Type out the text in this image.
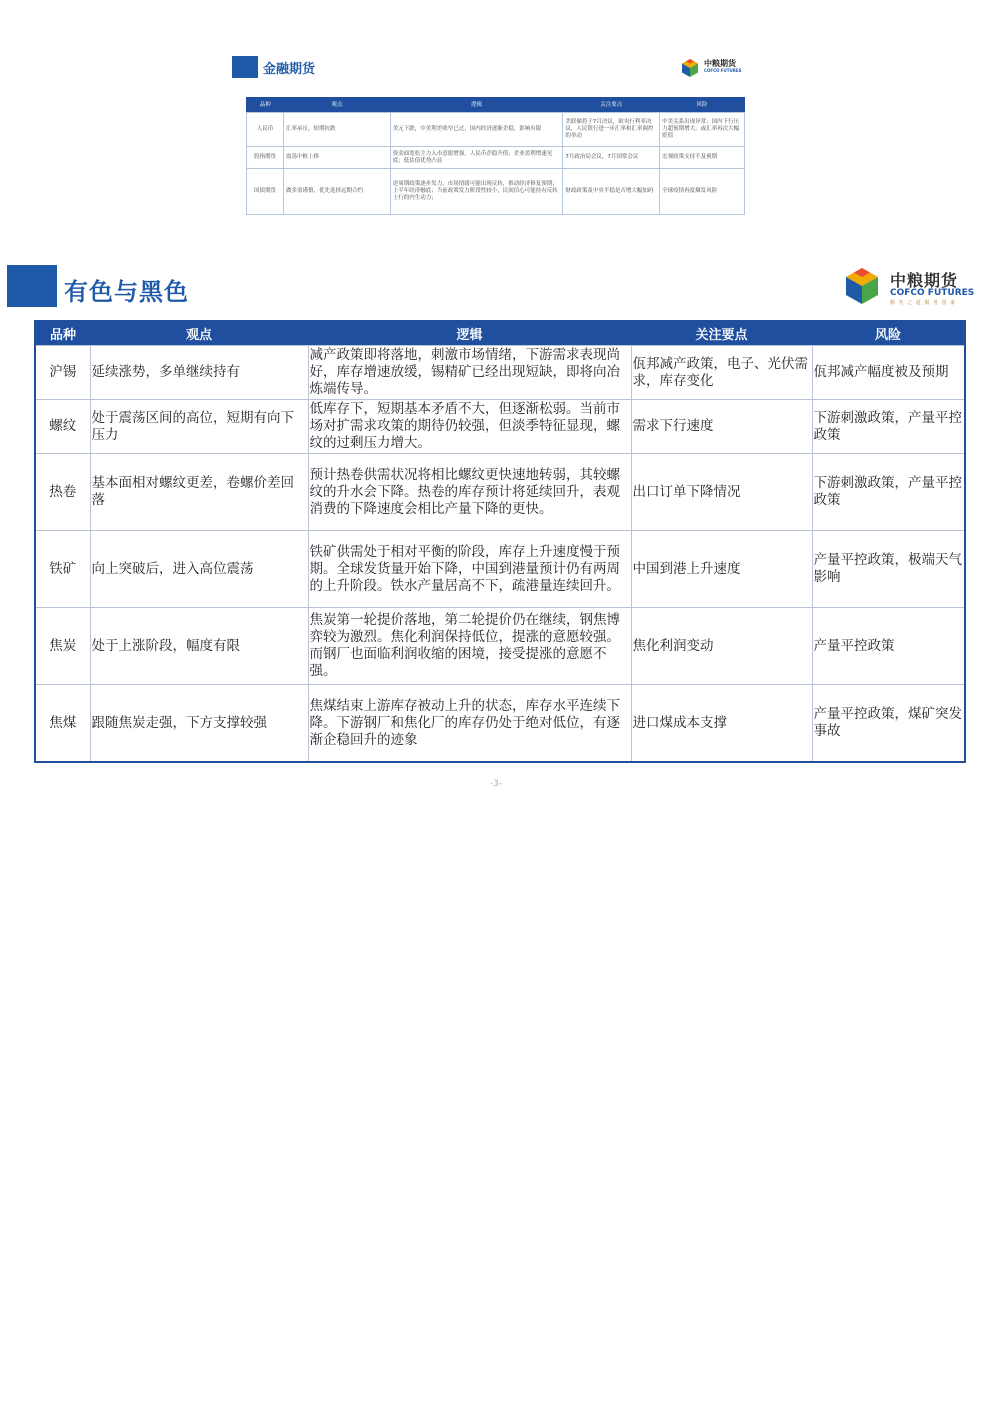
金融期货	中粮期货
COFCO FUTURES
品种	观点	逻辑	关注要点	风险
人民币	汇率承压，短期抗跌	美元下跌，中美利差收窄已过，国内经济逐渐企稳，影响有限	美联储将于7月决议，欧央行利率决议，人民银行进一步汇率和汇率调控的举动	中美关系出现异常；国内下行压力超预期增大，或汇率再次大幅贬值
股指期货	震荡中枢上移	资金面宽松主力入市意愿增强，人民币企稳升值；企业盈利增速见底；低估值优势凸显	7月政治局会议，7月国常会议	宏观政策支持不及预期
国债期货	做多需谨慎，优先选择远期合约	逆周期政策逐步发力，市场情绪可能出现反转，推动经济修复预期；上半年经济触底；当前政策发力阶段性较小，民间信心可能持有反转上行的内生动力；	财政政策及中央平稳是否增大幅加码	全球疫情再度爆发风险
有色与黑色	中粮期货
COFCO FUTURES
粮 名 之 道 服 务 国 家
品种	观点	逻辑	关注要点	风险
沪锡	延续涨势，多单继续持有	减产政策即将落地，刺激市场情绪，下游需求表现尚好，库存增速放缓，锡精矿已经出现短缺，即将向冶炼端传导。	佤邦减产政策，电子、光伏需求，库存变化	佤邦减产幅度被及预期
螺纹	处于震荡区间的高位，短期有向下压力	低库存下，短期基本矛盾不大，但逐渐松弱。当前市场对扩需求攻策的期待仍较强，但淡季特征显现，螺纹的过剩压力增大。	需求下行速度	下游刺激政策，产量平控政策
热卷	基本面相对螺纹更差，卷螺价差回落	预计热卷供需状况将相比螺纹更快速地转弱，其较螺纹的升水会下降。热卷的库存预计将延续回升，表观消费的下降速度会相比产量下降的更快。	出口订单下降情况	下游刺激政策，产量平控政策
铁矿	向上突破后，进入高位震荡	铁矿供需处于相对平衡的阶段，库存上升速度慢于预期。全球发货量开始下降，中国到港量预计仍有两周的上升阶段。铁水产量居高不下，疏港量连续回升。	中国到港上升速度	产量平控政策，极端天气影响
焦炭	处于上涨阶段，幅度有限	焦炭第一轮提价落地，第二轮提价仍在继续，钢焦博弈较为激烈。焦化利润保持低位，提涨的意愿较强。而钢厂也面临利润收缩的困境，接受提涨的意愿不强。	焦化利润变动	产量平控政策
焦煤	跟随焦炭走强，下方支撑较强	焦煤结束上游库存被动上升的状态，库存水平连续下降。下游钢厂和焦化厂的库存仍处于绝对低位，有逐渐企稳回升的迹象	进口煤成本支撑	产量平控政策，煤矿突发事故
-3-
